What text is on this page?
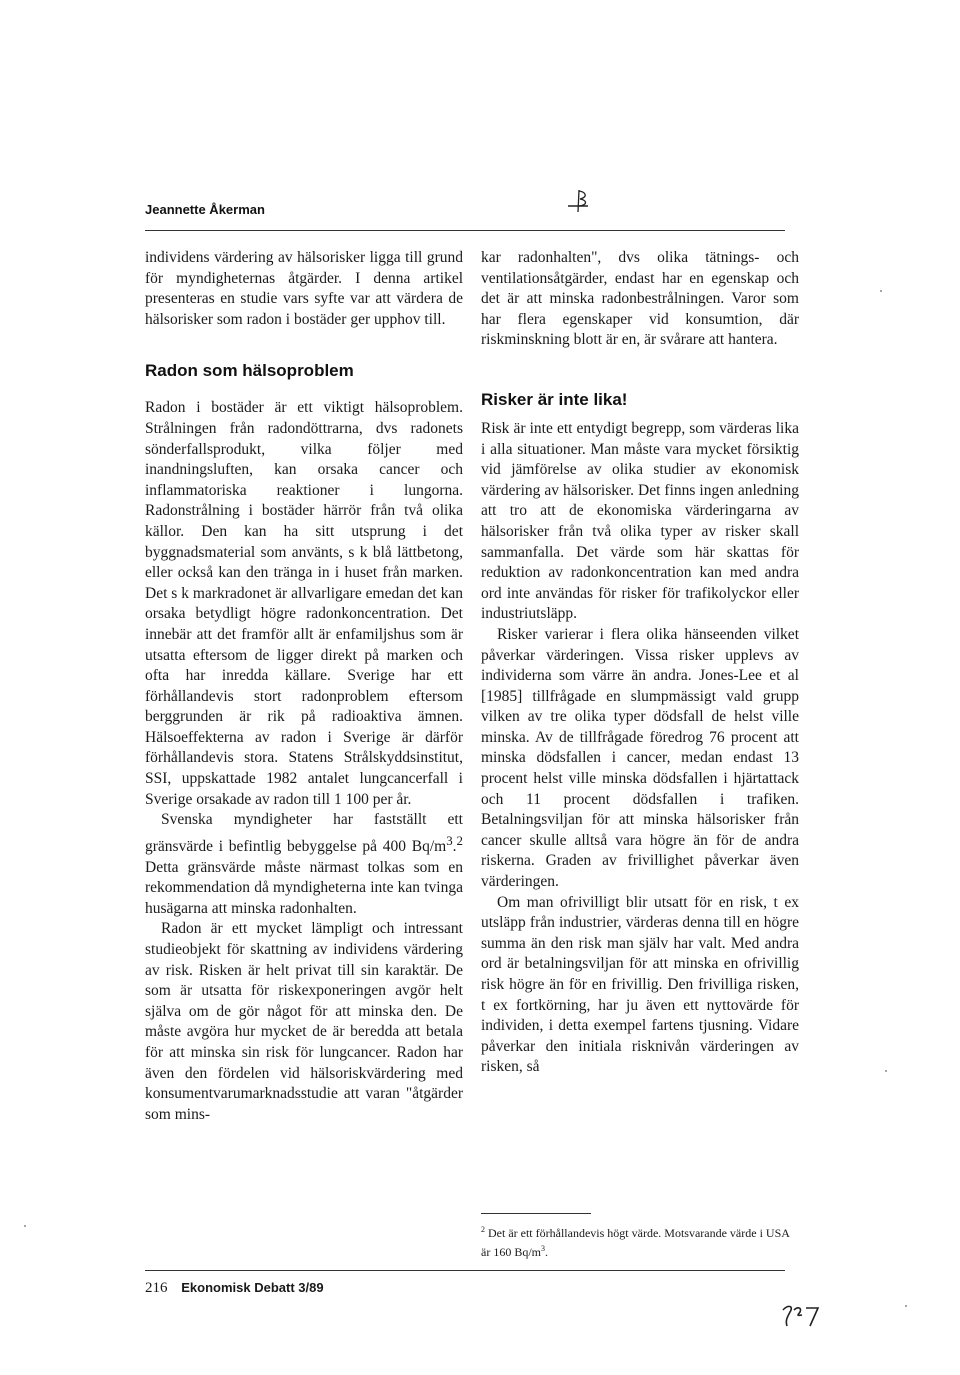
Jeannette Åkerman

individens värdering av hälsorisker ligga till grund för myndigheternas åtgärder. I denna artikel presenteras en studie vars syfte var att värdera de hälsorisker som radon i bostäder ger upphov till.

Radon som hälsoproblem

Radon i bostäder är ett viktigt hälsoproblem. Strålningen från radondöttrarna, dvs radonets sönderfallsprodukt, vilka följer med inandningsluften, kan orsaka cancer och inflammatoriska reaktioner i lungorna. Radonstrålning i bostäder härrör från två olika källor. Den kan ha sitt utsprung i det byggnadsmaterial som använts, s k blå lättbetong, eller också kan den tränga in i huset från marken. Det s k markradonet är allvarligare emedan det kan orsaka betydligt högre radonkoncentration. Det innebär att det framför allt är enfamiljshus som är utsatta eftersom de ligger direkt på marken och ofta har inredda källare. Sverige har ett förhållandevis stort radonproblem eftersom berggrunden är rik på radioaktiva ämnen. Hälsoeffekterna av radon i Sverige är därför förhållandevis stora. Statens Strålskyddsinstitut, SSI, uppskattade 1982 antalet lungcancerfall i Sverige orsakade av radon till 1 100 per år.

Svenska myndigheter har fastställt ett gränsvärde i befintlig bebyggelse på 400 $Bq/m^3.^2$ Detta gränsvärde måste närmast tolkas som en rekommendation då myndigheterna inte kan tvinga husägarna att minska radonhalten.

Radon är ett mycket lämpligt och intressant studieobjekt för skattning av individens värdering av risk. Risken är helt privat till sin karaktär. De som är utsatta för riskexponeringen avgör helt själva om de gör något för att minska den. De måste avgöra hur mycket de är beredda att betala för att minska sin risk för lungcancer. Radon har även den fördelen vid hälsoriskvärdering med konsumentvarumarknadsstudie att varan "åtgärder som mins-

kar radonhalten", dvs olika tätnings- och ventilationsåtgärder, endast har en egenskap och det är att minska radonbestrålningen. Varor som har flera egenskaper vid konsumtion, där riskminskning blott är en, är svårare att hantera.

Risker är inte lika!

Risk är inte ett entydigt begrepp, som värderas lika i alla situationer. Man måste vara mycket försiktig vid jämförelse av olika studier av ekonomisk värdering av hälsorisker. Det finns ingen anledning att tro att de ekonomiska värderingarna av hälsorisker från två olika typer av risker skall sammanfalla. Det värde som här skattas för reduktion av radonkoncentration kan med andra ord inte användas för risker för trafikolyckor eller industriutsläpp.

Risker varierar i flera olika hänseenden vilket påverkar värderingen. Vissa risker upplevs av individerna som värre än andra. Jones-Lee et al [1985] tillfrågade en slumpmässigt vald grupp vilken av tre olika typer dödsfall de helst ville minska. Av de tillfrågade föredrog 76 procent att minska dödsfallen i cancer, medan endast 13 procent helst ville minska dödsfallen i hjärtattack och 11 procent dödsfallen i trafiken. Betalningsviljan för att minska hälsorisker från cancer skulle alltså vara högre än för de andra riskerna. Graden av frivillighet påverkar även värderingen.

Om man ofrivilligt blir utsatt för en risk, t ex utsläpp från industrier, värderas denna till en högre summa än den risk man själv har valt. Med andra ord är betalningsviljan för att minska en ofrivillig risk högre än för en frivillig. Den frivilliga risken, t ex fortkörning, har ju även ett nyttovärde för individen, i detta exempel fartens tjusning. Vidare påverkar den initiala risknivån värderingen av risken, så

$^2$ Det är ett förhållandevis högt värde. Motsvarande värde i USA är 160 $Bq/m^3$.
216 Ekonomisk Debatt 3/89
